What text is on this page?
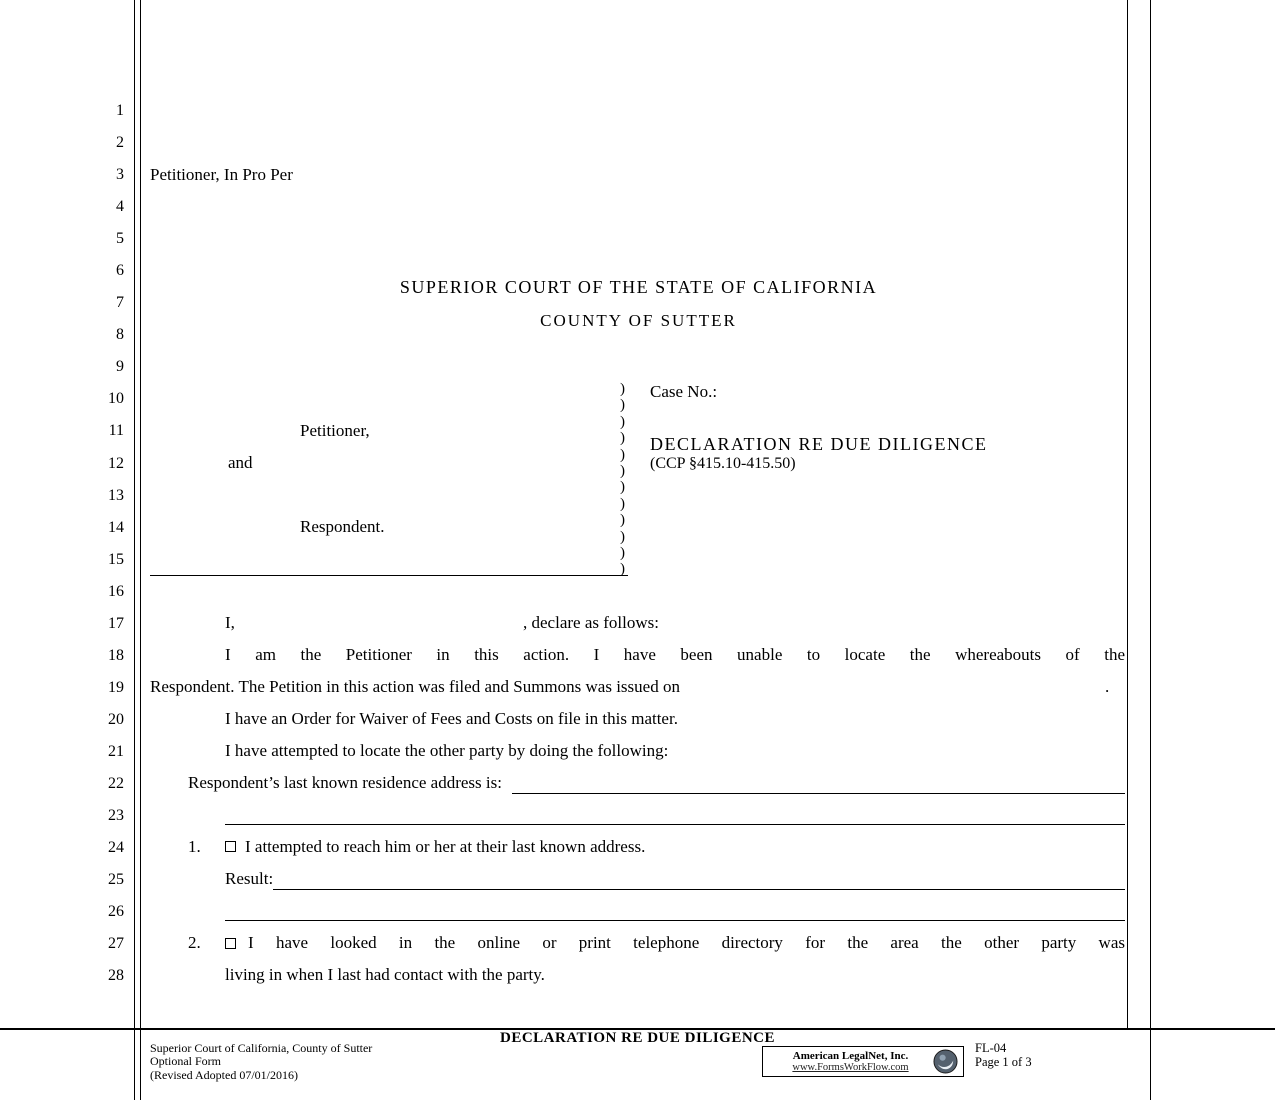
1
2
3
4
5
6
7
8
9
10
11
12
13
14
15
16
17
18
19
20
21
22
23
24
25
26
27
28
Petitioner, In Pro Per
SUPERIOR COURT OF THE STATE OF CALIFORNIA
COUNTY OF SUTTER
Petitioner,
and
Respondent.
)
)
)
)
)
)
)
)
)
)
)
)
Case No.:
DECLARATION RE DUE DILIGENCE
(CCP §415.10-415.50)
I,	, declare as follows:
I am the Petitioner in this action. I have been unable to locate the whereabouts of the
Respondent. The Petition in this action was filed and Summons was issued on	.
I have an Order for Waiver of Fees and Costs on file in this matter.
I have attempted to locate the other party by doing the following:
Respondent’s last known residence address is:
1.	I attempted to reach him or her at their last known address.
Result:
2.	I have looked in the online or print telephone directory for the area the other party was
living in when I last had contact with the party.
DECLARATION RE DUE DILIGENCE
Superior Court of California, County of Sutter
Optional Form
(Revised Adopted 07/01/2016)
American LegalNet, Inc.
www.FormsWorkFlow.com
FL-04
Page 1 of 3
